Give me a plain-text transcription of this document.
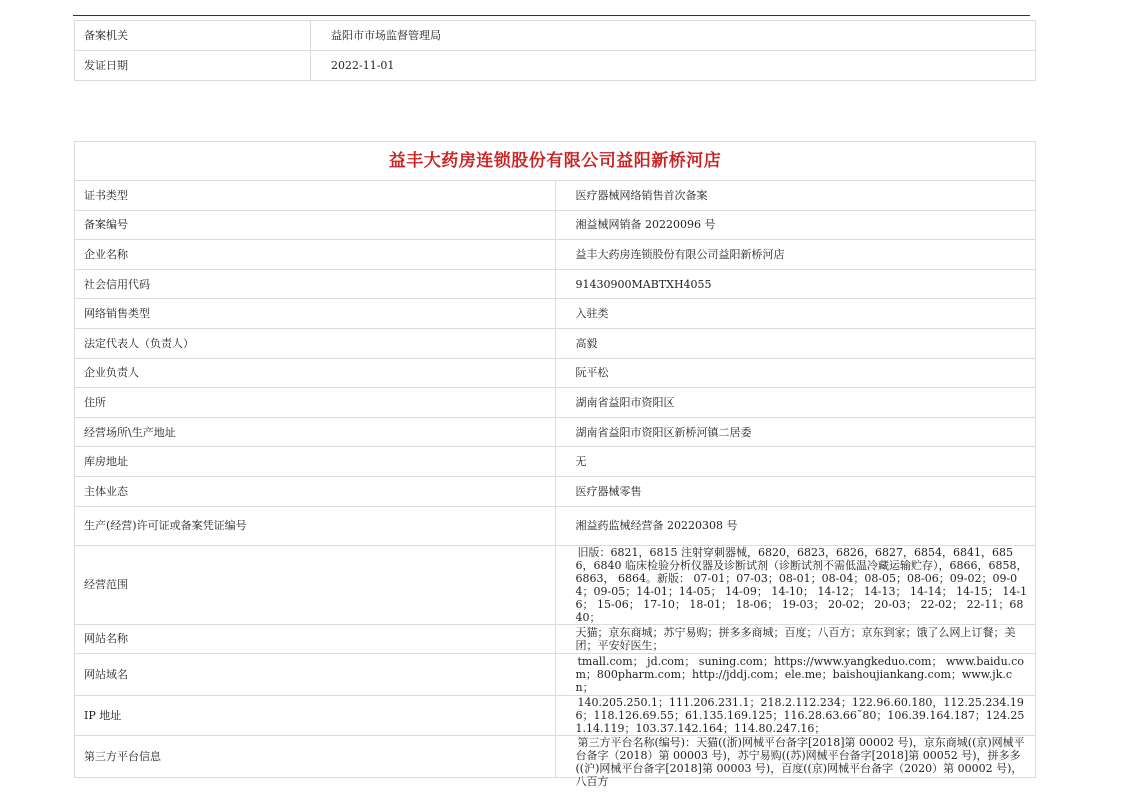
备案机关	益阳市市场监督管理局
发证日期	2022-11-01
益丰大药房连锁股份有限公司益阳新桥河店	
证书类型	医疗器械网络销售首次备案
备案编号	湘益械网销备 20220096 号
企业名称	益丰大药房连锁股份有限公司益阳新桥河店
社会信用代码	91430900MABTXH4055
网络销售类型	入驻类
法定代表人（负责人）	高毅
企业负责人	阮平松
住所	湖南省益阳市资阳区
经营场所\生产地址	湖南省益阳市资阳区新桥河镇二居委
库房地址	无
主体业态	医疗器械零售
生产(经营)许可证或备案凭证编号	湘益药监械经营备 20220308 号
经营范围	旧版：6821，6815 注射穿刺器械，6820，6823，6826，6827，6854，6841，6856，6840 临床检验分析仪器及诊断试剂（诊断试剂不需低温冷藏运输贮存），6866，6858，6863， 6864。新版： 07-01；07-03；08-01；08-04；08-05；08-06；09-02；09-04；09-05；14-01；14-05； 14-09； 14-10； 14-12； 14-13； 14-14； 14-15； 14-16； 15-06； 17-10； 18-01； 18-06； 19-03； 20-02； 20-03； 22-02； 22-11；6840；
网站名称	天猫；京东商城；苏宁易购；拼多多商城；百度；八百方；京东到家；饿了么网上订餐；美团；平安好医生；
网站域名	tmall.com； jd.com； suning.com；https://www.yangkeduo.com； www.baidu.com；800pharm.com；http://jddj.com；ele.me；baishoujiankang.com；www.jk.cn；
IP 地址	140.205.250.1；111.206.231.1；218.2.112.234；122.96.60.180，112.25.234.196；118.126.69.55；61.135.169.125；116.28.63.66˜80；106.39.164.187；124.251.14.119；103.37.142.164；114.80.247.16；
第三方平台信息	第三方平台名称(编号)：天猫((浙)网械平台备字[2018]第 00002 号)，京东商城((京)网械平台备字（2018）第 00003 号)，苏宁易购((苏)网械平台备字[2018]第 00052 号)，拼多多((沪)网械平台备字[2018]第 00003 号)，百度((京)网械平台备字（2020）第 00002 号)，八百方
